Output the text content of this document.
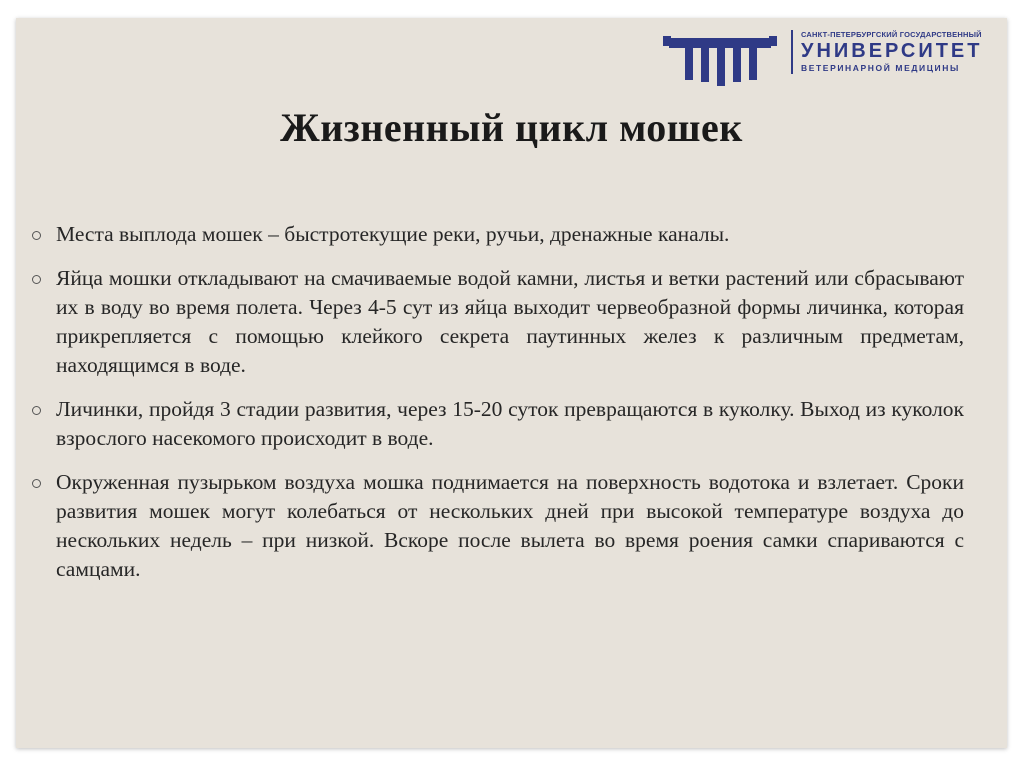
САНКТ-ПЕТЕРБУРГСКИЙ ГОСУДАРСТВЕННЫЙ
УНИВЕРСИТЕТ
ВЕТЕРИНАРНОЙ МЕДИЦИНЫ
Жизненный цикл мошек

Места выплода мошек – быстротекущие реки, ручьи, дренажные каналы.

Яйца мошки откладывают на смачиваемые водой камни, листья и ветки растений или сбрасывают их в воду во время полета. Через 4-5 сут из яйца выходит червеобразной формы личинка, которая прикрепляется с помощью клейкого секрета паутинных желез к различным предметам, находящимся в воде.

Личинки, пройдя 3 стадии развития, через 15-20 суток превращаются в куколку. Выход из куколок взрослого насекомого происходит в воде.

Окруженная пузырьком воздуха мошка поднимается на поверхность водотока и взлетает. Сроки развития мошек могут колебаться от нескольких дней при высокой температуре воздуха до нескольких недель – при низкой. Вскоре после вылета во время роения самки спариваются с самцами.
